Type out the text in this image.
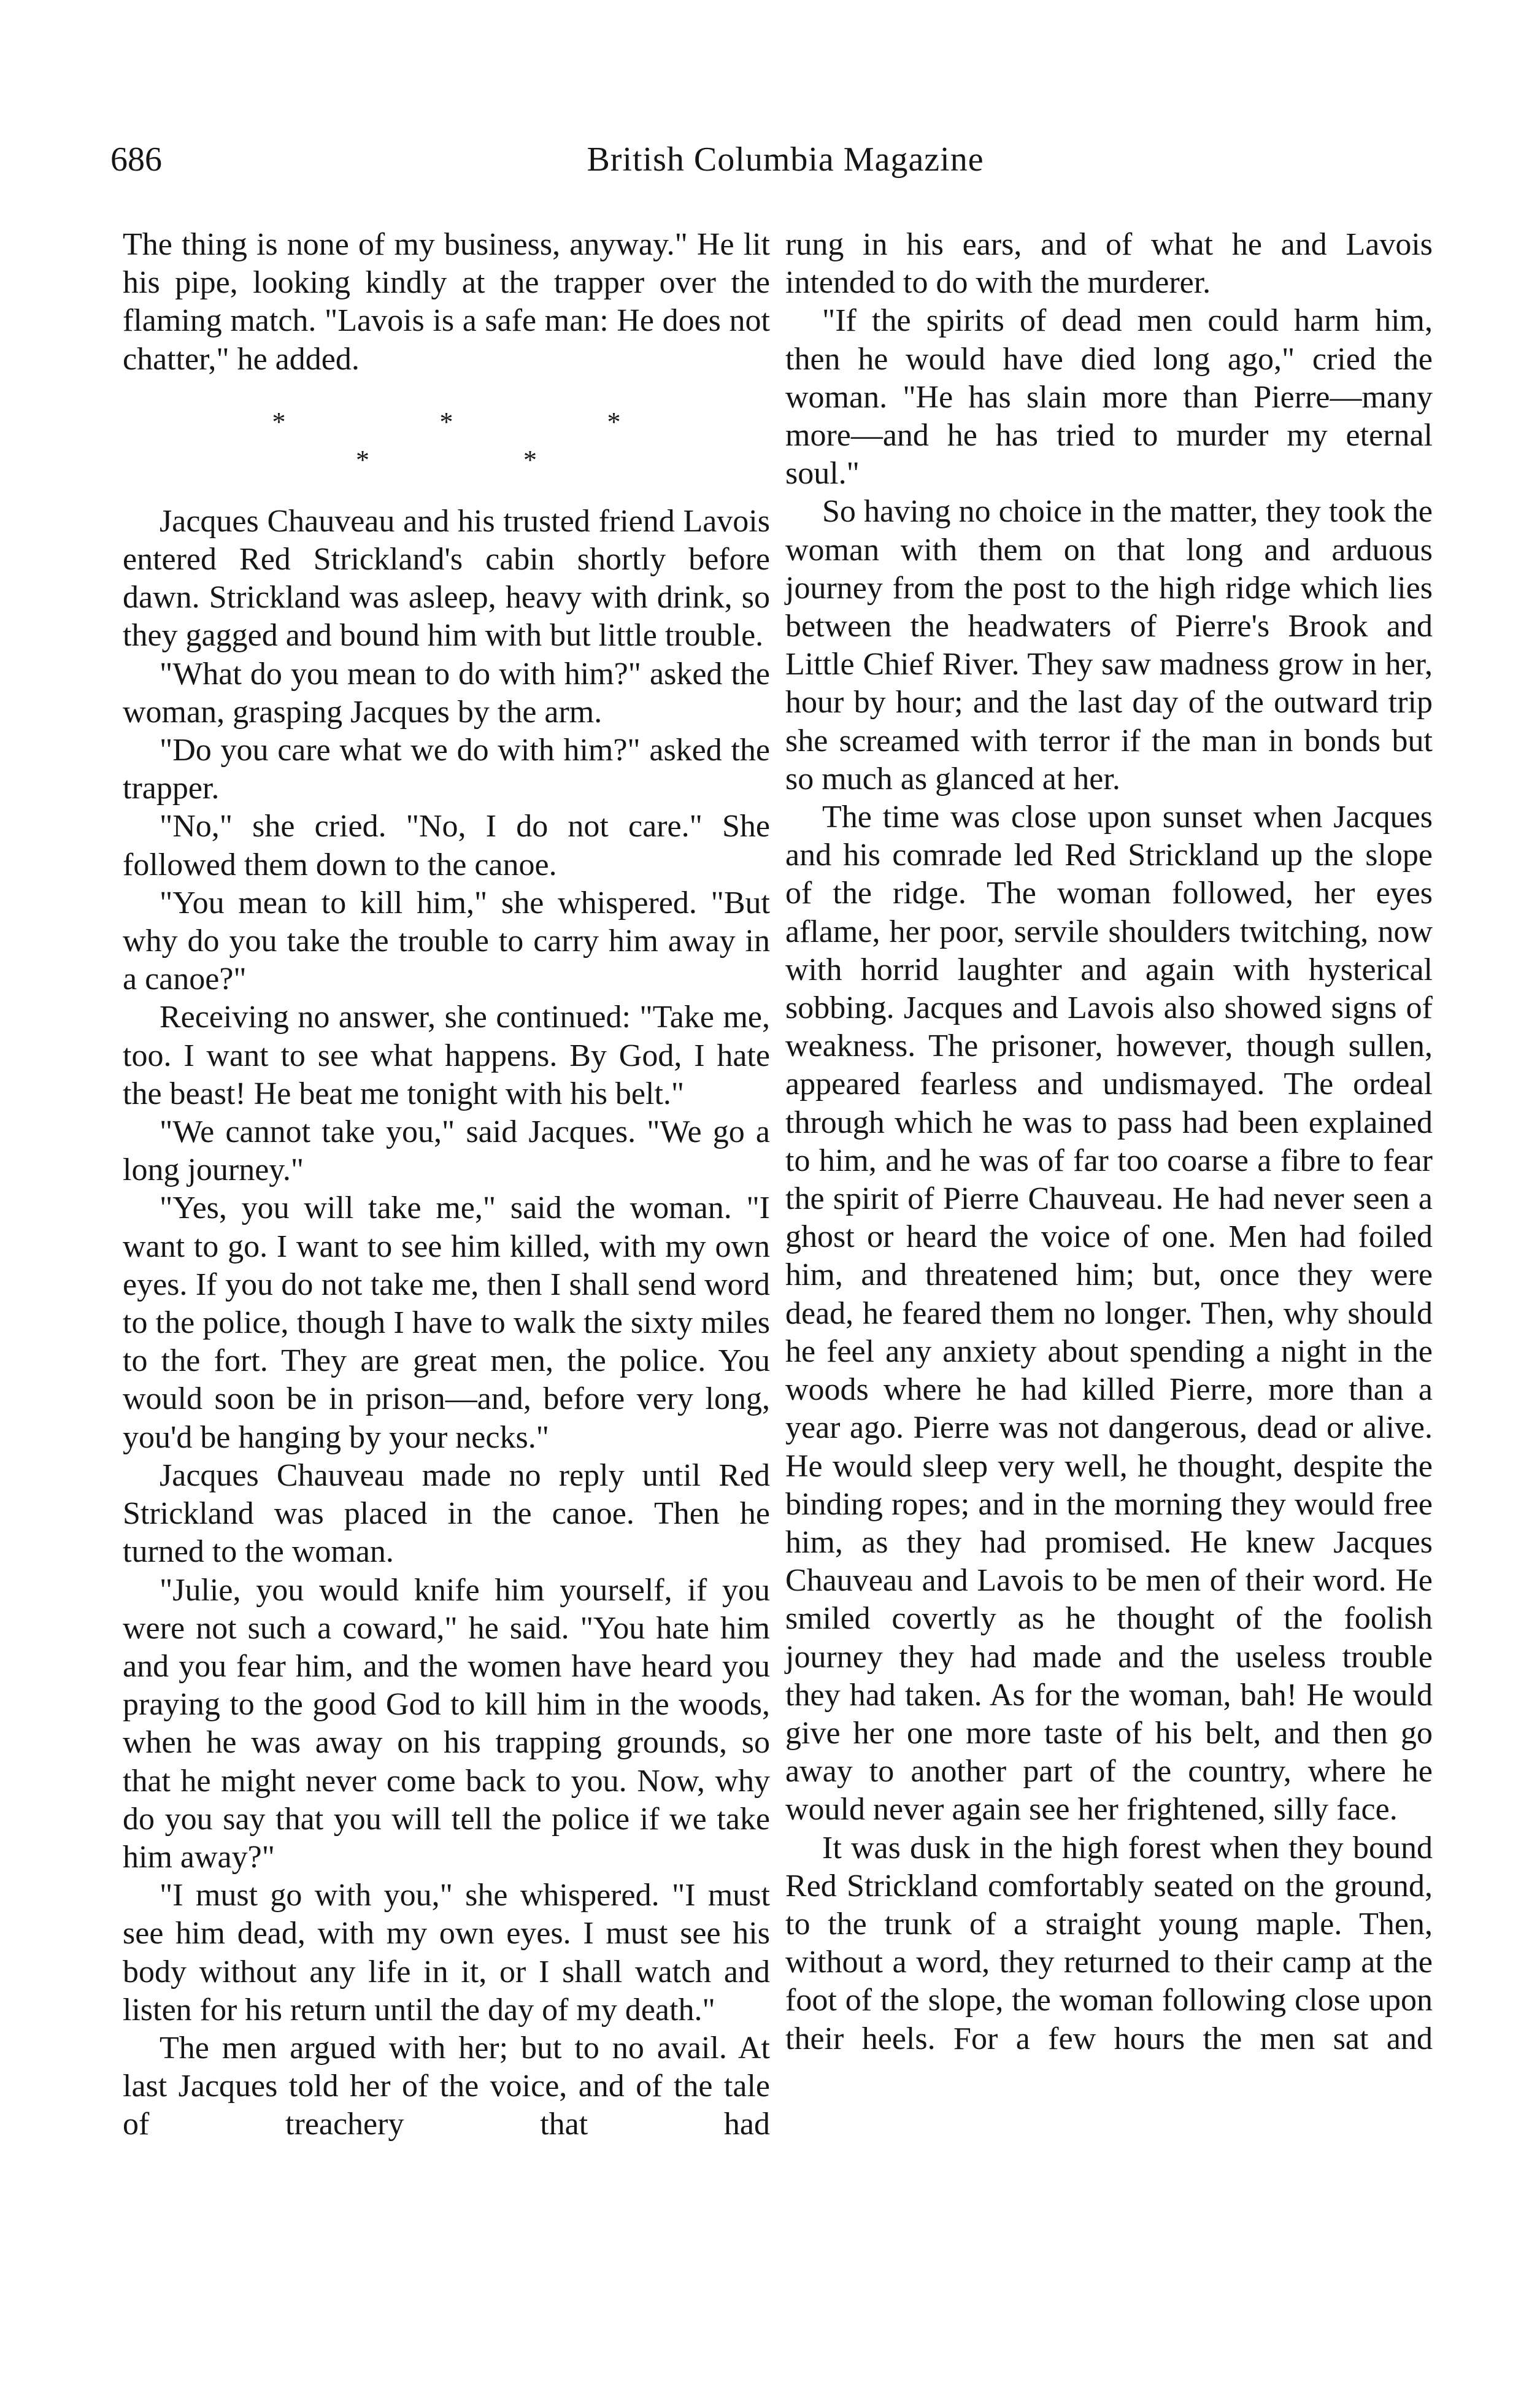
686	British Columbia Magazine

The thing is none of my business, anyway." He lit his pipe, looking kindly at the trapper over the flaming match. "Lavois is a safe man: He does not chatter," he added.

* * * * *

Jacques Chauveau and his trusted friend Lavois entered Red Strickland's cabin shortly before dawn. Strickland was asleep, heavy with drink, so they gagged and bound him with but little trouble.

"What do you mean to do with him?" asked the woman, grasping Jacques by the arm.

"Do you care what we do with him?" asked the trapper.

"No," she cried. "No, I do not care." She followed them down to the canoe.

"You mean to kill him," she whispered. "But why do you take the trouble to carry him away in a canoe?"

Receiving no answer, she continued: "Take me, too. I want to see what happens. By God, I hate the beast! He beat me tonight with his belt."

"We cannot take you," said Jacques. "We go a long journey."

"Yes, you will take me," said the woman. "I want to go. I want to see him killed, with my own eyes. If you do not take me, then I shall send word to the police, though I have to walk the sixty miles to the fort. They are great men, the police. You would soon be in prison—and, before very long, you'd be hanging by your necks."

Jacques Chauveau made no reply until Red Strickland was placed in the canoe. Then he turned to the woman.

"Julie, you would knife him yourself, if you were not such a coward," he said. "You hate him and you fear him, and the women have heard you praying to the good God to kill him in the woods, when he was away on his trapping grounds, so that he might never come back to you. Now, why do you say that you will tell the police if we take him away?"

"I must go with you," she whispered. "I must see him dead, with my own eyes. I must see his body without any life in it, or I shall watch and listen for his return until the day of my death."

The men argued with her; but to no avail. At last Jacques told her of the voice, and of the tale of treachery that had

rung in his ears, and of what he and Lavois intended to do with the murderer.

"If the spirits of dead men could harm him, then he would have died long ago," cried the woman. "He has slain more than Pierre—many more—and he has tried to murder my eternal soul."

So having no choice in the matter, they took the woman with them on that long and arduous journey from the post to the high ridge which lies between the headwaters of Pierre's Brook and Little Chief River. They saw madness grow in her, hour by hour; and the last day of the outward trip she screamed with terror if the man in bonds but so much as glanced at her.

The time was close upon sunset when Jacques and his comrade led Red Strickland up the slope of the ridge. The woman followed, her eyes aflame, her poor, servile shoulders twitching, now with horrid laughter and again with hysterical sobbing. Jacques and Lavois also showed signs of weakness. The prisoner, however, though sullen, appeared fearless and undismayed. The ordeal through which he was to pass had been explained to him, and he was of far too coarse a fibre to fear the spirit of Pierre Chauveau. He had never seen a ghost or heard the voice of one. Men had foiled him, and threatened him; but, once they were dead, he feared them no longer. Then, why should he feel any anxiety about spending a night in the woods where he had killed Pierre, more than a year ago. Pierre was not dangerous, dead or alive. He would sleep very well, he thought, despite the binding ropes; and in the morning they would free him, as they had promised. He knew Jacques Chauveau and Lavois to be men of their word. He smiled covertly as he thought of the foolish journey they had made and the useless trouble they had taken. As for the woman, bah! He would give her one more taste of his belt, and then go away to another part of the country, where he would never again see her frightened, silly face.

It was dusk in the high forest when they bound Red Strickland comfortably seated on the ground, to the trunk of a straight young maple. Then, without a word, they returned to their camp at the foot of the slope, the woman following close upon their heels. For a few hours the men sat and
